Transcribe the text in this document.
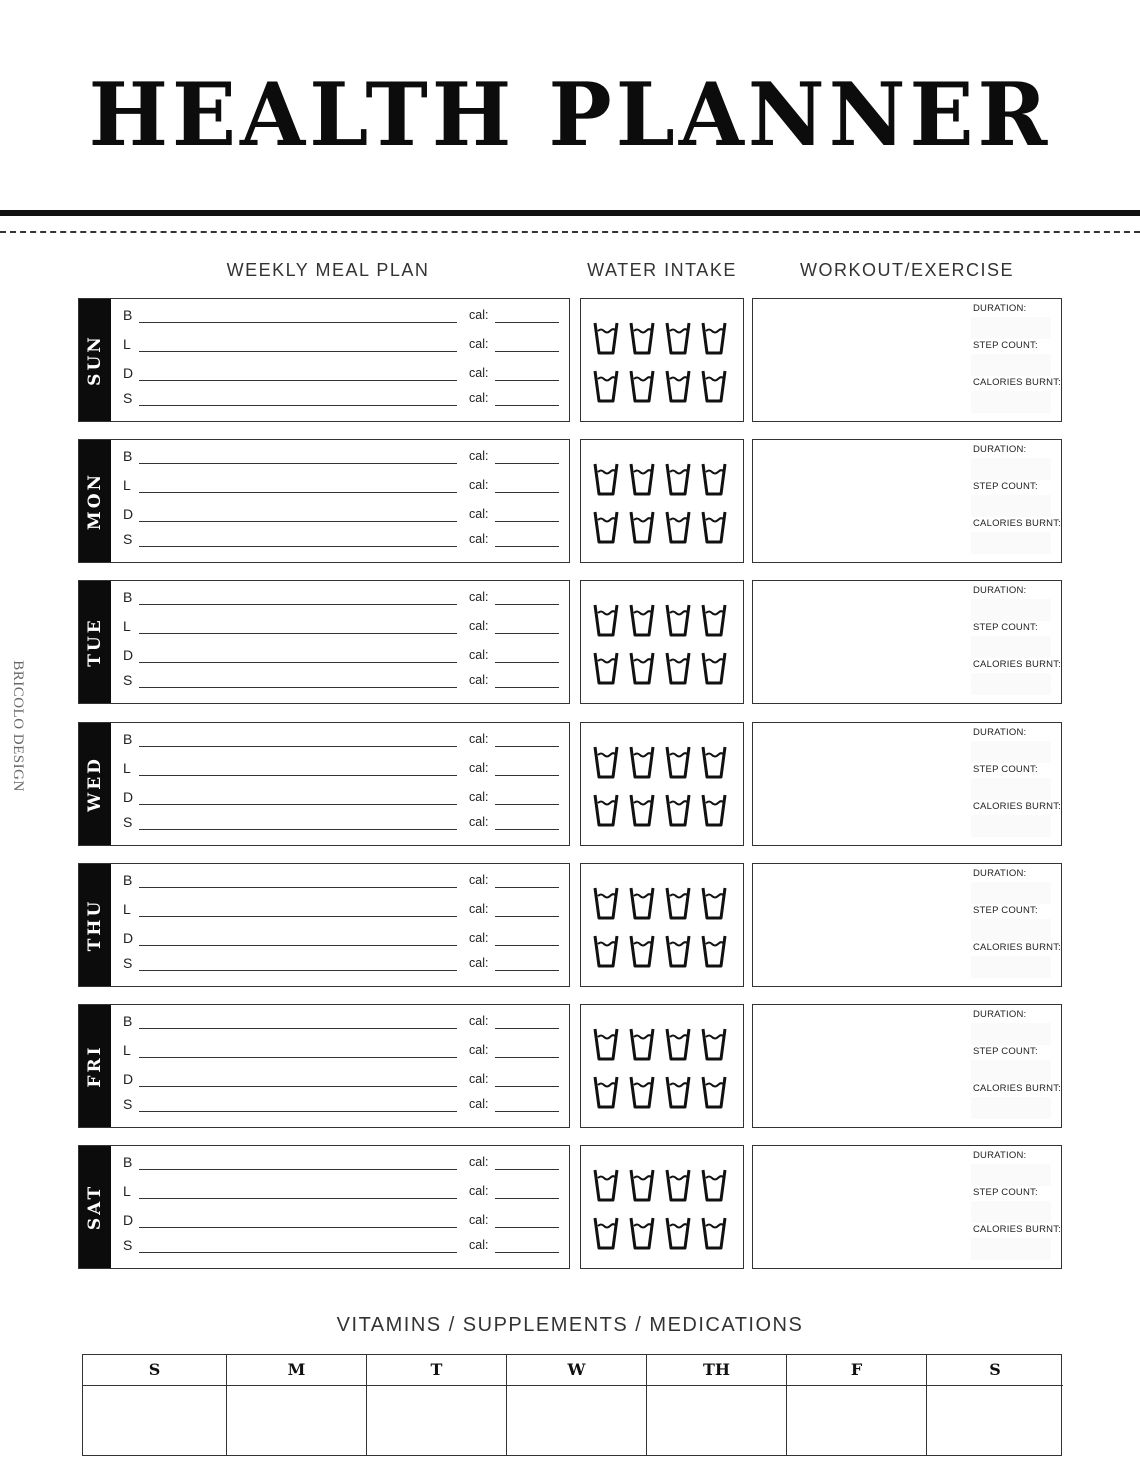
HEALTH PLANNER
WEEKLY MEAL PLAN	WATER INTAKE	WORKOUT/EXERCISE
BRICOLO DESIGN
SUN
B	cal:
L	cal:
D	cal:
S	cal:
DURATION:
STEP COUNT:
CALORIES BURNT:
MON
B	cal:
L	cal:
D	cal:
S	cal:
DURATION:
STEP COUNT:
CALORIES BURNT:
TUE
B	cal:
L	cal:
D	cal:
S	cal:
DURATION:
STEP COUNT:
CALORIES BURNT:
WED
B	cal:
L	cal:
D	cal:
S	cal:
DURATION:
STEP COUNT:
CALORIES BURNT:
THU
B	cal:
L	cal:
D	cal:
S	cal:
DURATION:
STEP COUNT:
CALORIES BURNT:
FRI
B	cal:
L	cal:
D	cal:
S	cal:
DURATION:
STEP COUNT:
CALORIES BURNT:
SAT
B	cal:
L	cal:
D	cal:
S	cal:
DURATION:
STEP COUNT:
CALORIES BURNT:
VITAMINS / SUPPLEMENTS / MEDICATIONS
S	M	T	W	TH	F	S
